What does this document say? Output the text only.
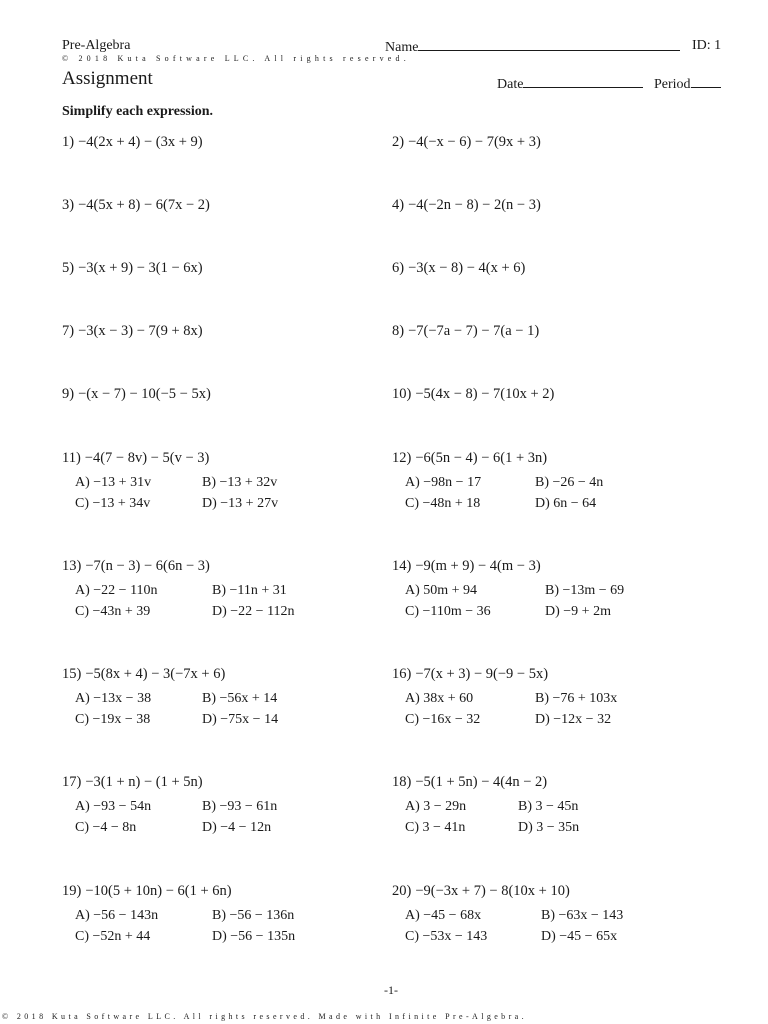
Pre-Algebra
© 2018 Kuta Software LLC. All rights reserved.
Assignment
Name	ID: 1
Date	Period
Simplify each expression.
1) −4(2x + 4) − (3x + 9)	2) −4(−x − 6) − 7(9x + 3)
3) −4(5x + 8) − 6(7x − 2)	4) −4(−2n − 8) − 2(n − 3)
5) −3(x + 9) − 3(1 − 6x)	6) −3(x − 8) − 4(x + 6)
7) −3(x − 3) − 7(9 + 8x)	8) −7(−7a − 7) − 7(a − 1)
9) −(x − 7) − 10(−5 − 5x)	10) −5(4x − 8) − 7(10x + 2)
11) −4(7 − 8v) − 5(v − 3)
A) −13 + 31v	B) −13 + 32v
C) −13 + 34v	D) −13 + 27v
12) −6(5n − 4) − 6(1 + 3n)
A) −98n − 17	B) −26 − 4n
C) −48n + 18	D) 6n − 64
13) −7(n − 3) − 6(6n − 3)
A) −22 − 110n	B) −11n + 31
C) −43n + 39	D) −22 − 112n
14) −9(m + 9) − 4(m − 3)
A) 50m + 94	B) −13m − 69
C) −110m − 36	D) −9 + 2m
15) −5(8x + 4) − 3(−7x + 6)
A) −13x − 38	B) −56x + 14
C) −19x − 38	D) −75x − 14
16) −7(x + 3) − 9(−9 − 5x)
A) 38x + 60	B) −76 + 103x
C) −16x − 32	D) −12x − 32
17) −3(1 + n) − (1 + 5n)
A) −93 − 54n	B) −93 − 61n
C) −4 − 8n	D) −4 − 12n
18) −5(1 + 5n) − 4(4n − 2)
A) 3 − 29n	B) 3 − 45n
C) 3 − 41n	D) 3 − 35n
19) −10(5 + 10n) − 6(1 + 6n)
A) −56 − 143n	B) −56 − 136n
C) −52n + 44	D) −56 − 135n
20) −9(−3x + 7) − 8(10x + 10)
A) −45 − 68x	B) −63x − 143
C) −53x − 143	D) −45 − 65x
-1-
© 2018 Kuta Software LLC. All rights reserved. Made with Infinite Pre-Algebra.
